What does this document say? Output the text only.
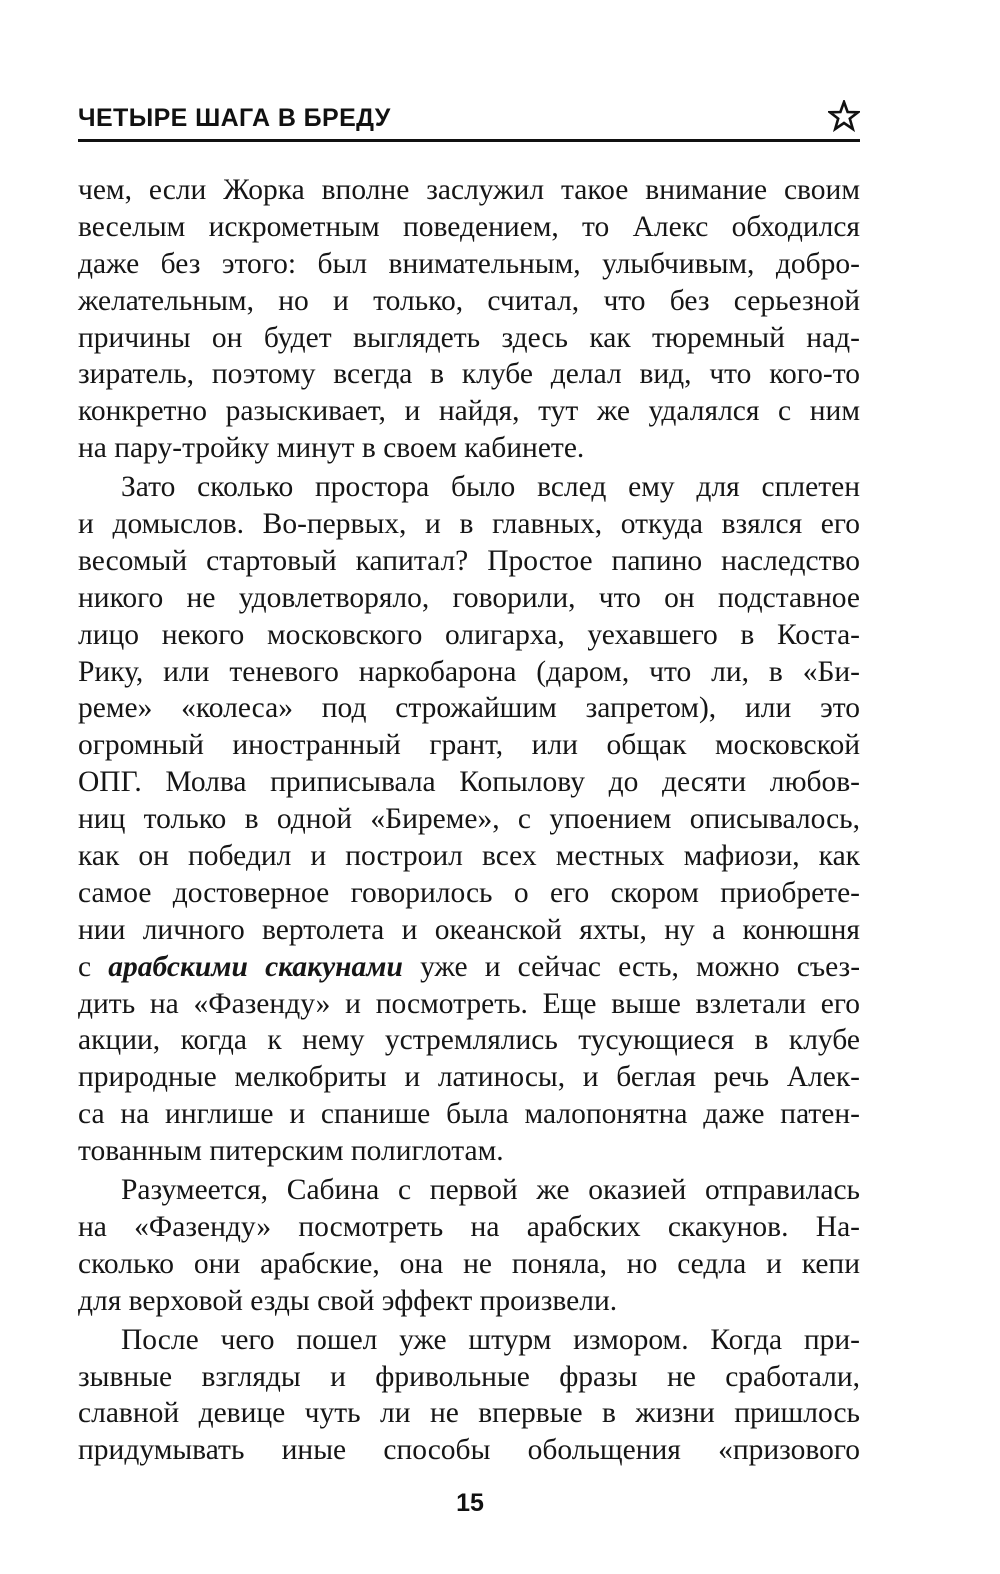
ЧЕТЫРЕ ШАГА В БРЕДУ
чем, если Жорка вполне заслужил такое внимание своим
веселым искрометным поведением, то Алекс обходился
даже без этого: был внимательным, улыбчивым, добро-
желательным, но и только, считал, что без серьезной
причины он будет выглядеть здесь как тюремный над-
зиратель, поэтому всегда в клубе делал вид, что кого-то
конкретно разыскивает, и найдя, тут же удалялся с ним
на пару-тройку минут в своем кабинете.
Зато сколько простора было вслед ему для сплетен
и домыслов. Во-первых, и в главных, откуда взялся его
весомый стартовый капитал? Простое папино наследство
никого не удовлетворяло, говорили, что он подставное
лицо некого московского олигарха, уехавшего в Коста-
Рику, или теневого наркобарона (даром, что ли, в «Би-
реме» «колеса» под строжайшим запретом), или это
огромный иностранный грант, или общак московской
ОПГ. Молва приписывала Копылову до десяти любов-
ниц только в одной «Биреме», с упоением описывалось,
как он победил и построил всех местных мафиози, как
самое достоверное говорилось о его скором приобрете-
нии личного вертолета и океанской яхты, ну а конюшня
с арабскими скакунами уже и сейчас есть, можно съез-
дить на «Фазенду» и посмотреть. Еще выше взлетали его
акции, когда к нему устремлялись тусующиеся в клубе
природные мелкобриты и латиносы, и беглая речь Алек-
са на инглише и спанише была малопонятна даже патен-
тованным питерским полиглотам.
Разумеется, Сабина с первой же оказией отправилась
на «Фазенду» посмотреть на арабских скакунов. На-
сколько они арабские, она не поняла, но седла и кепи
для верховой езды свой эффект произвели.
После чего пошел уже штурм измором. Когда при-
зывные взгляды и фривольные фразы не сработали,
славной девице чуть ли не впервые в жизни пришлось
придумывать иные способы обольщения «призового
15
